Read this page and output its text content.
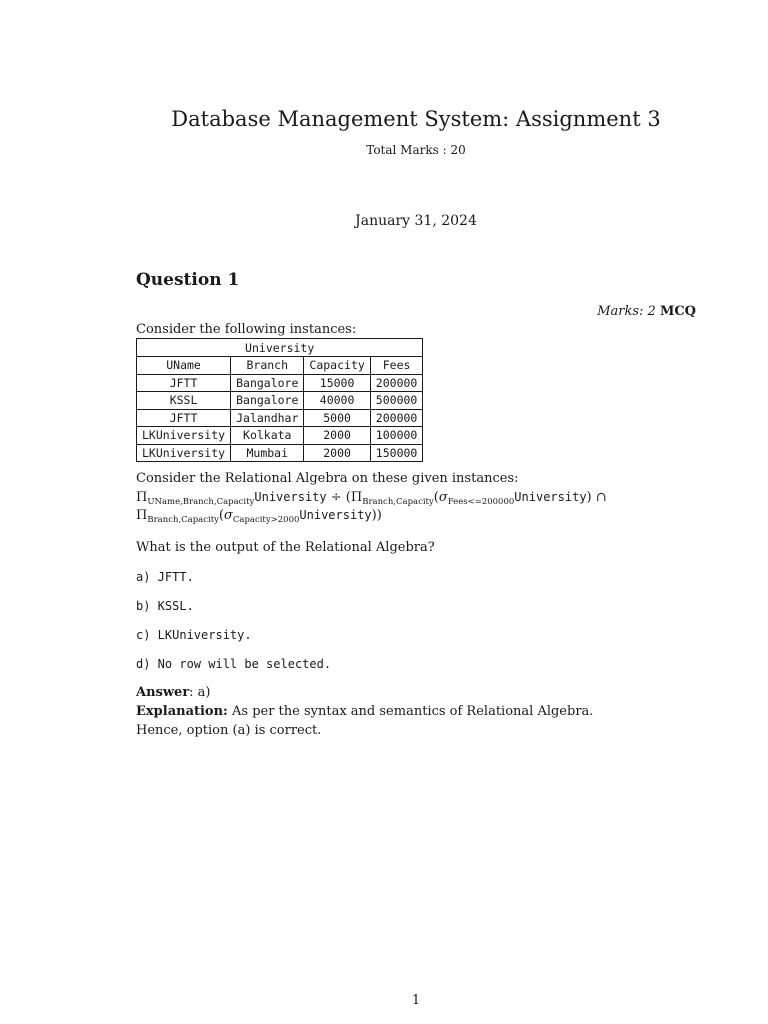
Database Management System: Assignment 3
Total Marks : 20
January 31, 2024
Question 1
Marks: 2 MCQ
Consider the following instances:
University			
UName	Branch	Capacity	Fees
JFTT	Bangalore	15000	200000
KSSL	Bangalore	40000	500000
JFTT	Jalandhar	5000	200000
LKUniversity	Kolkata	2000	100000
LKUniversity	Mumbai	2000	150000
Consider the Relational Algebra on these given instances:
$\Pi_{UName,Branch,Capacity}University$ ÷ ($\Pi_{Branch,Capacity}(\sigma_{Fees<=200000}University)$ ∩
$\Pi_{Branch,Capacity}(\sigma_{Capacity>2000}University)$)
What is the output of the Relational Algebra?
a) JFTT.
b) KSSL.
c) LKUniversity.
d) No row will be selected.
Answer: a)
Explanation: As per the syntax and semantics of Relational Algebra.
Hence, option (a) is correct.
1
